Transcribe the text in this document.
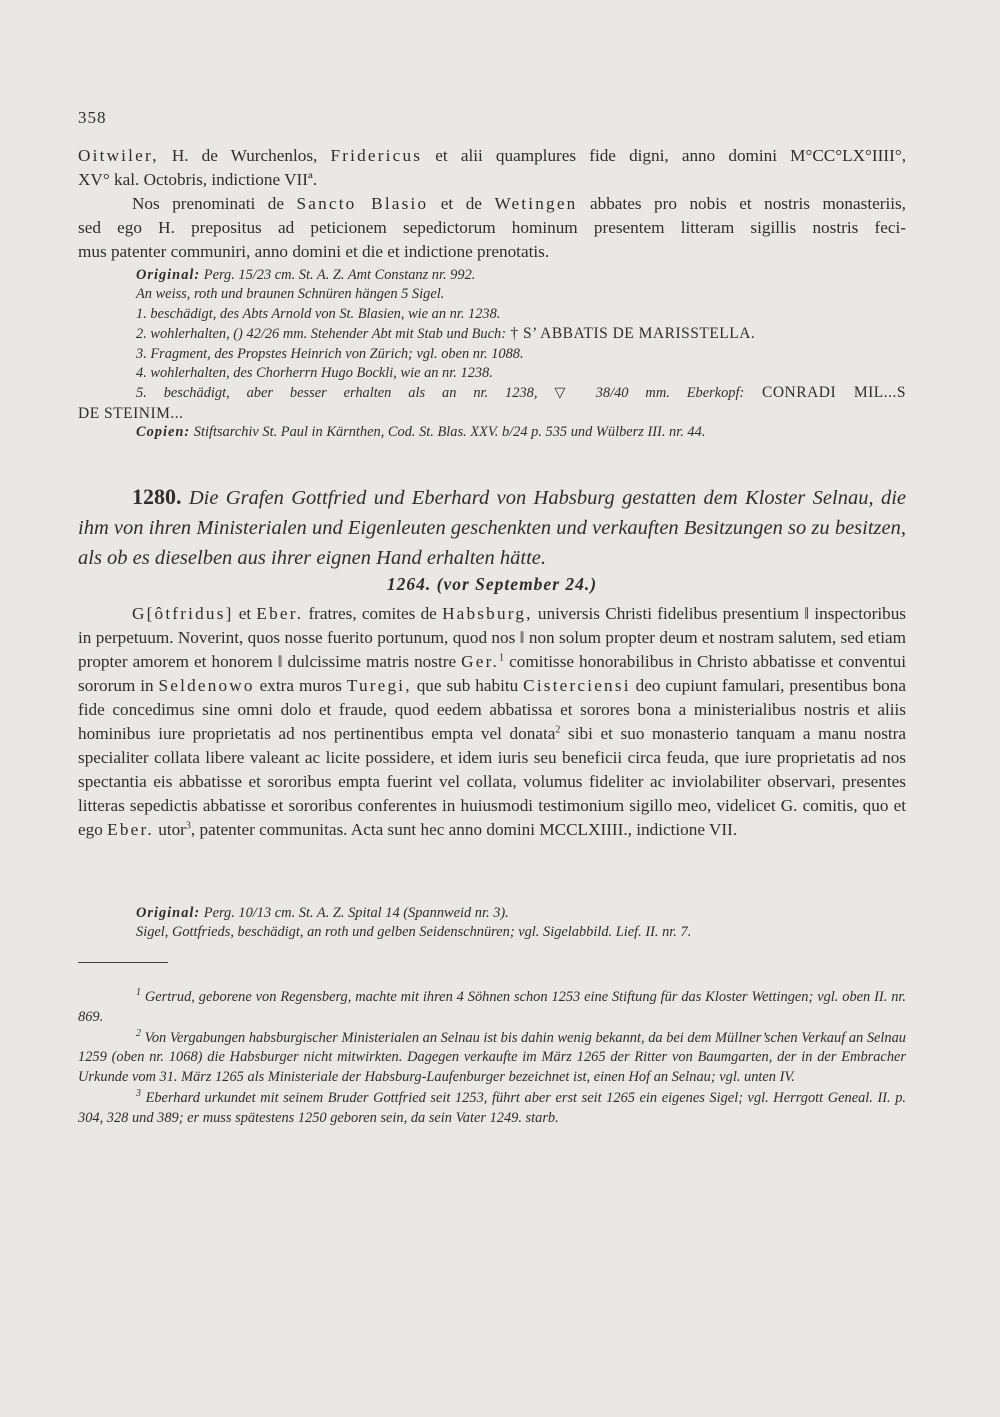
358
Oitwiler, H. de Wurchenlos, Fridericus et alii quamplures fide digni, anno domini M°CC°LX°IIII°,
XV° kal. Octobris, indictione VIIª.
Nos prenominati de Sancto Blasio et de Wetingen abbates pro nobis et nostris monasteriis,
sed ego H. prepositus ad peticionem sepedictorum hominum presentem litteram sigillis nostris feci-
mus patenter communiri, anno domini et die et indictione prenotatis.
Original: Perg. 15/23 cm. St. A. Z. Amt Constanz nr. 992.
An weiss, roth und braunen Schnüren hängen 5 Sigel.
1. beschädigt, des Abts Arnold von St. Blasien, wie an nr. 1238.
2. wohlerhalten, () 42/26 mm. Stehender Abt mit Stab und Buch: † S’ ABBATIS DE MARISSTELLA.
3. Fragment, des Propstes Heinrich von Zürich; vgl. oben nr. 1088.
4. wohlerhalten, des Chorherrn Hugo Bockli, wie an nr. 1238.
5. beschädigt, aber besser erhalten als an nr. 1238, ▽ 38/40 mm. Eberkopf: CONRADI MIL...S
DE STEINIM...
Copien: Stiftsarchiv St. Paul in Kärnthen, Cod. St. Blas. XXV. b/24 p. 535 und Wülberz III. nr. 44.

1280. Die Grafen Gottfried und Eberhard von Habsburg gestatten dem Kloster Selnau, die ihm von ihren Ministerialen und Eigenleuten geschenkten und verkauften Besitzungen so zu besitzen, als ob es dieselben aus ihrer eignen Hand erhalten hätte.

1264. (vor September 24.)

G[ôtfridus] et Eber. fratres, comites de Habsburg, universis Christi fidelibus presentium ‖ inspectoribus in perpetuum. Noverint, quos nosse fuerito portunum, quod nos ‖ non solum propter deum et nostram salutem, sed etiam propter amorem et honorem ‖ dulcissime matris nostre Ger.$^1$ comitisse honorabilibus in Christo abbatisse et conventui sororum in Seldenowo extra muros Turegi, que sub habitu Cisterciensi deo cupiunt famulari, presentibus bona fide concedimus sine omni dolo et fraude, quod eedem abbatissa et sorores bona a ministerialibus nostris et aliis hominibus iure proprietatis ad nos pertinentibus empta vel donata$^2$ sibi et suo monasterio tanquam a manu nostra specialiter collata libere valeant ac licite possidere, et idem iuris seu beneficii circa feuda, que iure proprietatis ad nos spectantia eis abbatisse et sororibus empta fuerint vel collata, volumus fideliter ac inviolabiliter observari, presentes litteras sepedictis abbatisse et sororibus conferentes in huiusmodi testimonium sigillo meo, videlicet G. comitis, quo et ego Eber. utor$^3$, patenter communitas. Acta sunt hec anno domini MCCLXIIII., indictione VII.

Original: Perg. 10/13 cm. St. A. Z. Spital 14 (Spannweid nr. 3).
Sigel, Gottfrieds, beschädigt, an roth und gelben Seidenschnüren; vgl. Sigelabbild. Lief. II. nr. 7.

$^1$ Gertrud, geborene von Regensberg, machte mit ihren 4 Söhnen schon 1253 eine Stiftung für das Kloster Wettingen; vgl. oben II. nr. 869.

$^2$ Von Vergabungen habsburgischer Ministerialen an Selnau ist bis dahin wenig bekannt, da bei dem Müllner’schen Verkauf an Selnau 1259 (oben nr. 1068) die Habsburger nicht mitwirkten. Dagegen verkaufte im März 1265 der Ritter von Baumgarten, der in der Embracher Urkunde vom 31. März 1265 als Ministeriale der Habsburg-Laufenburger bezeichnet ist, einen Hof an Selnau; vgl. unten IV.

$^3$ Eberhard urkundet mit seinem Bruder Gottfried seit 1253, führt aber erst seit 1265 ein eigenes Sigel; vgl. Herrgott Geneal. II. p. 304, 328 und 389; er muss spätestens 1250 geboren sein, da sein Vater 1249. starb.
